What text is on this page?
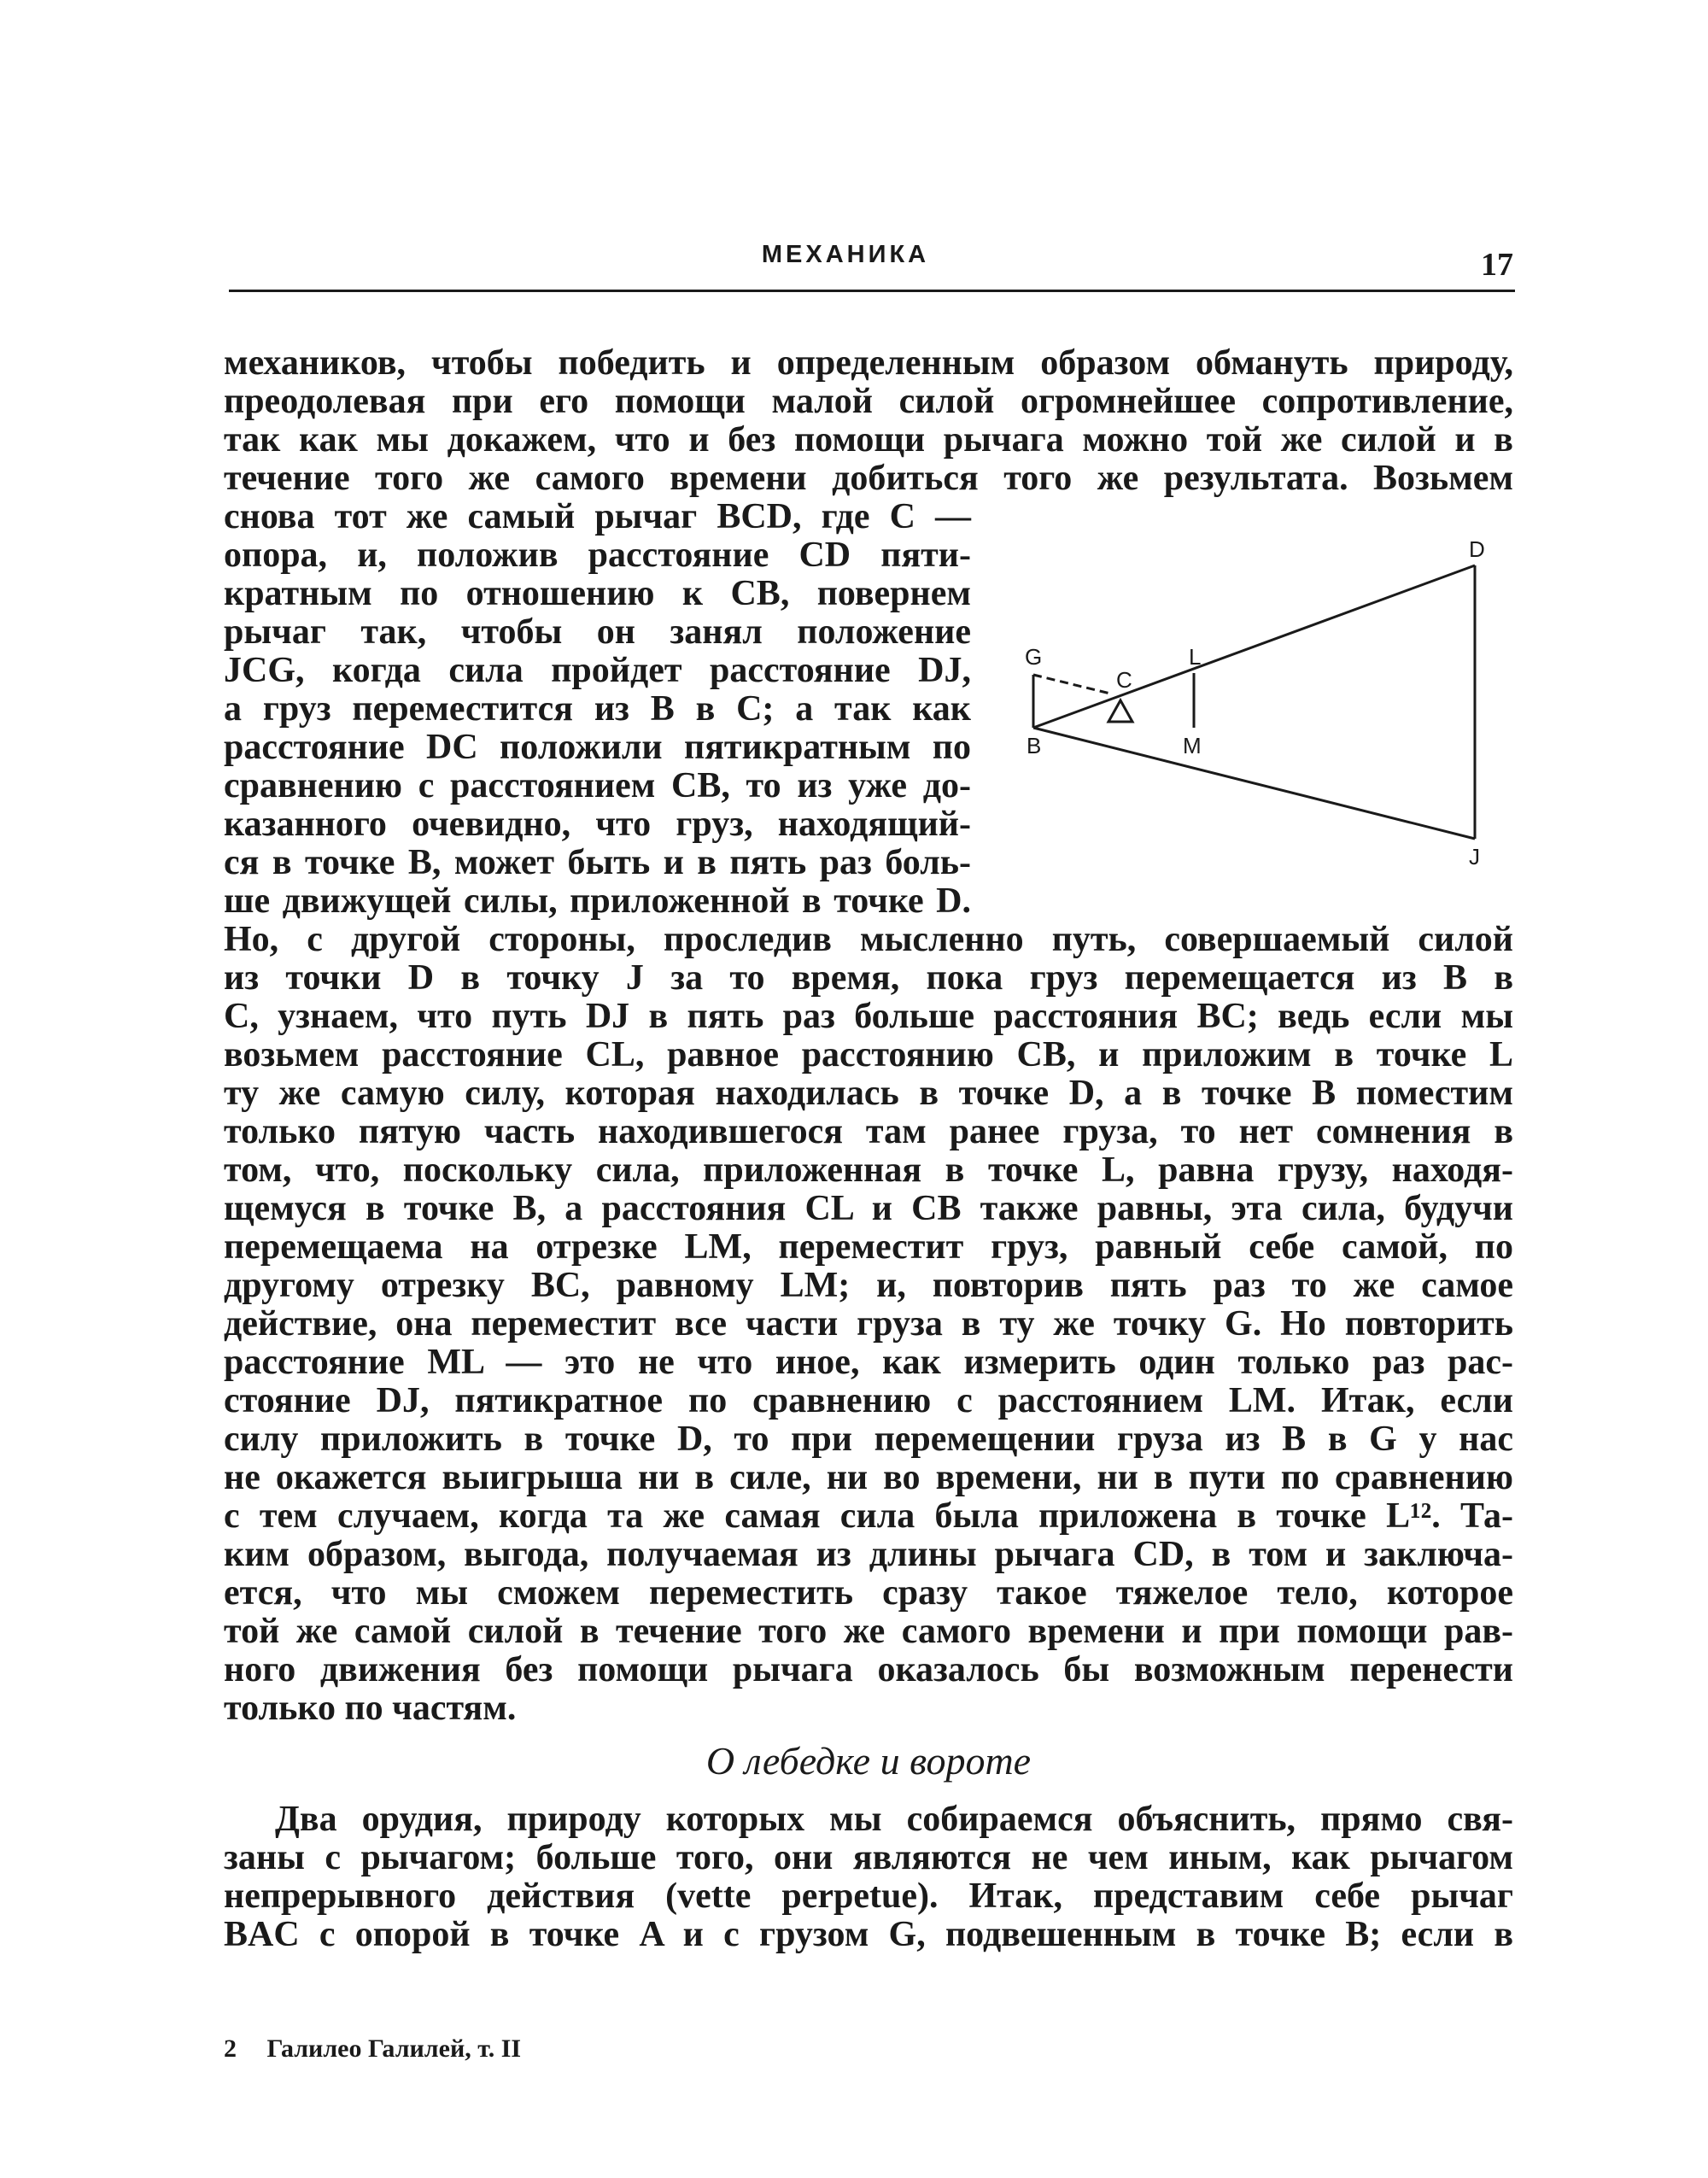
МЕХАНИКА	17
механиков, чтобы победить и определенным образом обмануть природу,
преодолевая при его помощи малой силой огромнейшее сопротивление,
так как мы докажем, что и без помощи рычага можно той же силой и в
течение того же самого времени добиться того же результата. Возьмем
снова тот же самый рычаг BCD, где C —
опора, и, положив расстояние CD пяти-
кратным по отношению к CB, повернем
рычаг так, чтобы он занял положение
JCG, когда сила пройдет расстояние DJ,
а груз переместится из B в C; а так как
расстояние DC положили пятикратным по
сравнению с расстоянием CB, то из уже до-
казанного очевидно, что груз, находящий-
ся в точке B, может быть и в пять раз боль-
ше движущей силы, приложенной в точке D.
D
G	L
C
B	M
J
Но, с другой стороны, проследив мысленно путь, совершаемый силой
из точки D в точку J за то время, пока груз перемещается из B в
C, узнаем, что путь DJ в пять раз больше расстояния BC; ведь если мы
возьмем расстояние CL, равное расстоянию CB, и приложим в точке L
ту же самую силу, которая находилась в точке D, а в точке B поместим
только пятую часть находившегося там ранее груза, то нет сомнения в
том, что, поскольку сила, приложенная в точке L, равна грузу, находя-
щемуся в точке B, а расстояния CL и CB также равны, эта сила, будучи
перемещаема на отрезке LM, переместит груз, равный себе самой, по
другому отрезку BC, равному LM; и, повторив пять раз то же самое
действие, она переместит все части груза в ту же точку G. Но повторить
расстояние ML — это не что иное, как измерить один только раз рас-
стояние DJ, пятикратное по сравнению с расстоянием LM. Итак, если
силу приложить в точке D, то при перемещении груза из B в G у нас
не окажется выигрыша ни в силе, ни во времени, ни в пути по сравнению
с тем случаем, когда та же самая сила была приложена в точке L¹². Та-
ким образом, выгода, получаемая из длины рычага CD, в том и заключа-
ется, что мы сможем переместить сразу такое тяжелое тело, которое
той же самой силой в течение того же самого времени и при помощи рав-
ного движения без помощи рычага оказалось бы возможным перенести
только по частям.
О лебедке и вороте
Два орудия, природу которых мы собираемся объяснить, прямо свя-
заны с рычагом; больше того, они являются не чем иным, как рычагом
непрерывного действия (vette perpetue). Итак, представим себе рычаг
BAC с опорой в точке A и с грузом G, подвешенным в точке B; если в
2 Галилео Галилей, т. II
